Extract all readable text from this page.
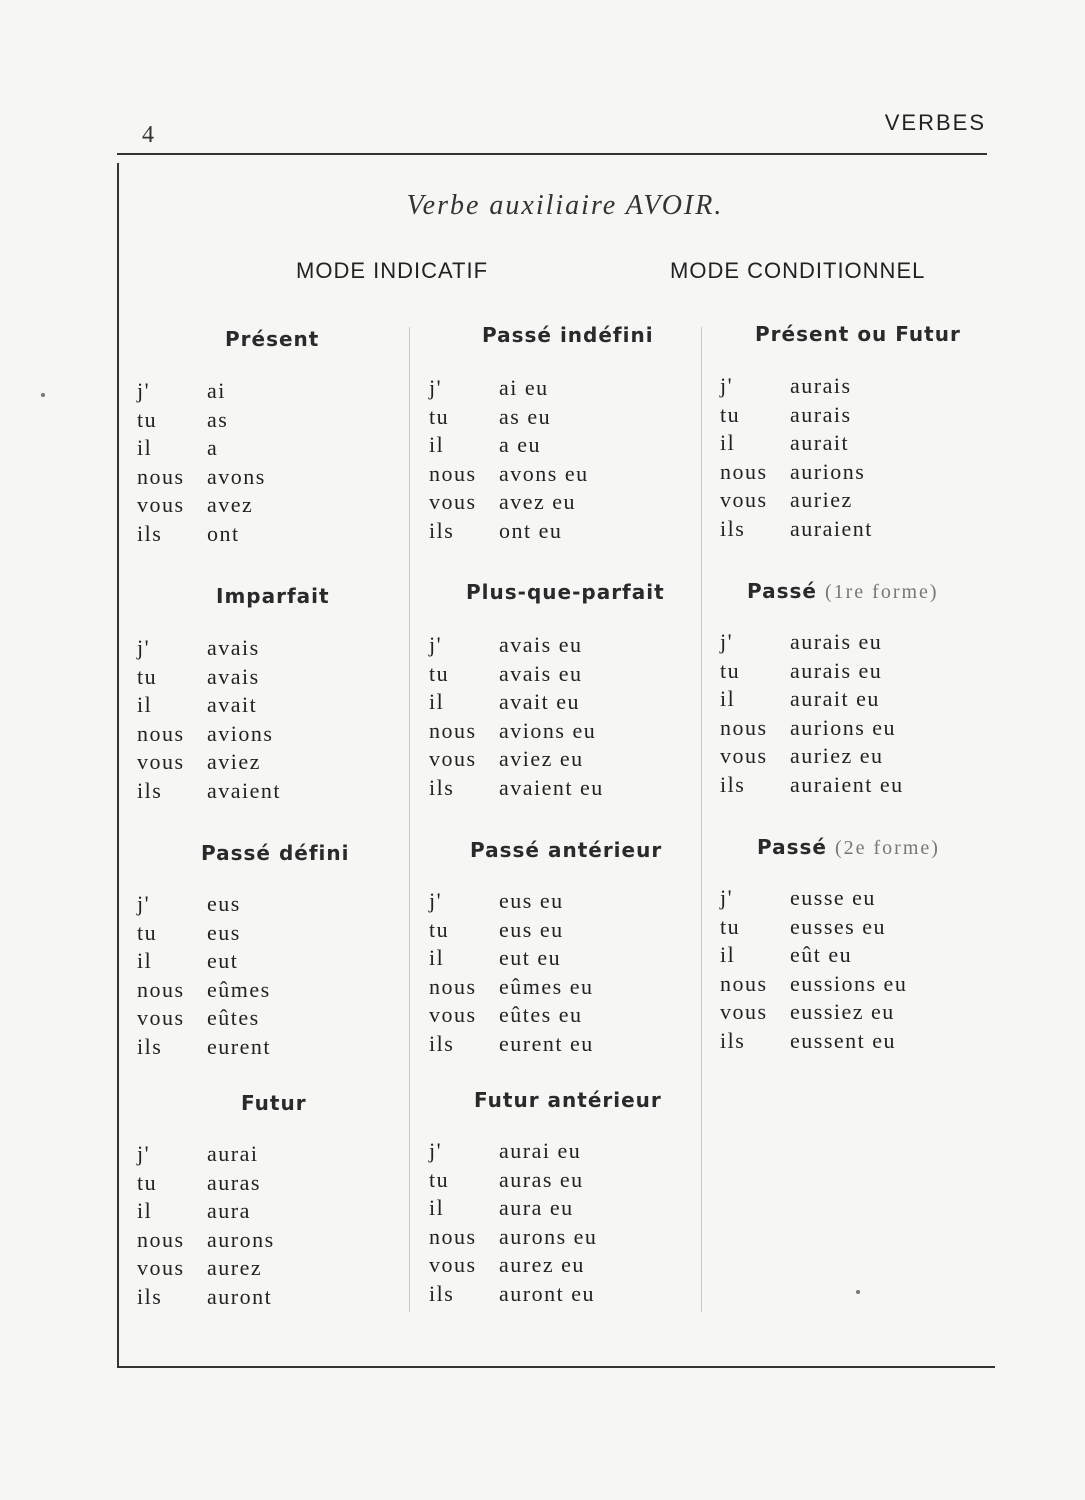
4	VERBES
Verbe auxiliaire AVOIR.
MODE INDICATIF	MODE CONDITIONNEL
Présent
j'	ai
tu as
il a
nous avons
vous avez
ils ont
Passé indéfini
j'	ai eu
tu as eu
il a eu
nous avons eu
vous avez eu
ils ont eu
Présent ou Futur
j'	aurais
tu aurais
il aurait
nous aurions
vous auriez
ils auraient
Imparfait
j'	avais
tu avais
il avait
nous avions
vous aviez
ils avaient
Plus-que-parfait
j'	avais eu
tu avais eu
il avait eu
nous avions eu
vous aviez eu
ils avaient eu
Passé (1re forme)
j'	aurais eu
tu aurais eu
il aurait eu
nous aurions eu
vous auriez eu
ils auraient eu
Passé défini
j'	eus
tu eus
il eut
nous eûmes
vous eûtes
ils eurent
Passé antérieur
j'	eus eu
tu eus eu
il eut eu
nous eûmes eu
vous eûtes eu
ils eurent eu
Passé (2e forme)
j'	eusse eu
tu eusses eu
il eût eu
nous eussions eu
vous eussiez eu
ils eussent eu
Futur
j'	aurai
tu auras
il aura
nous aurons
vous aurez
ils auront
Futur antérieur
j'	aurai eu
tu auras eu
il aura eu
nous aurons eu
vous aurez eu
ils auront eu
